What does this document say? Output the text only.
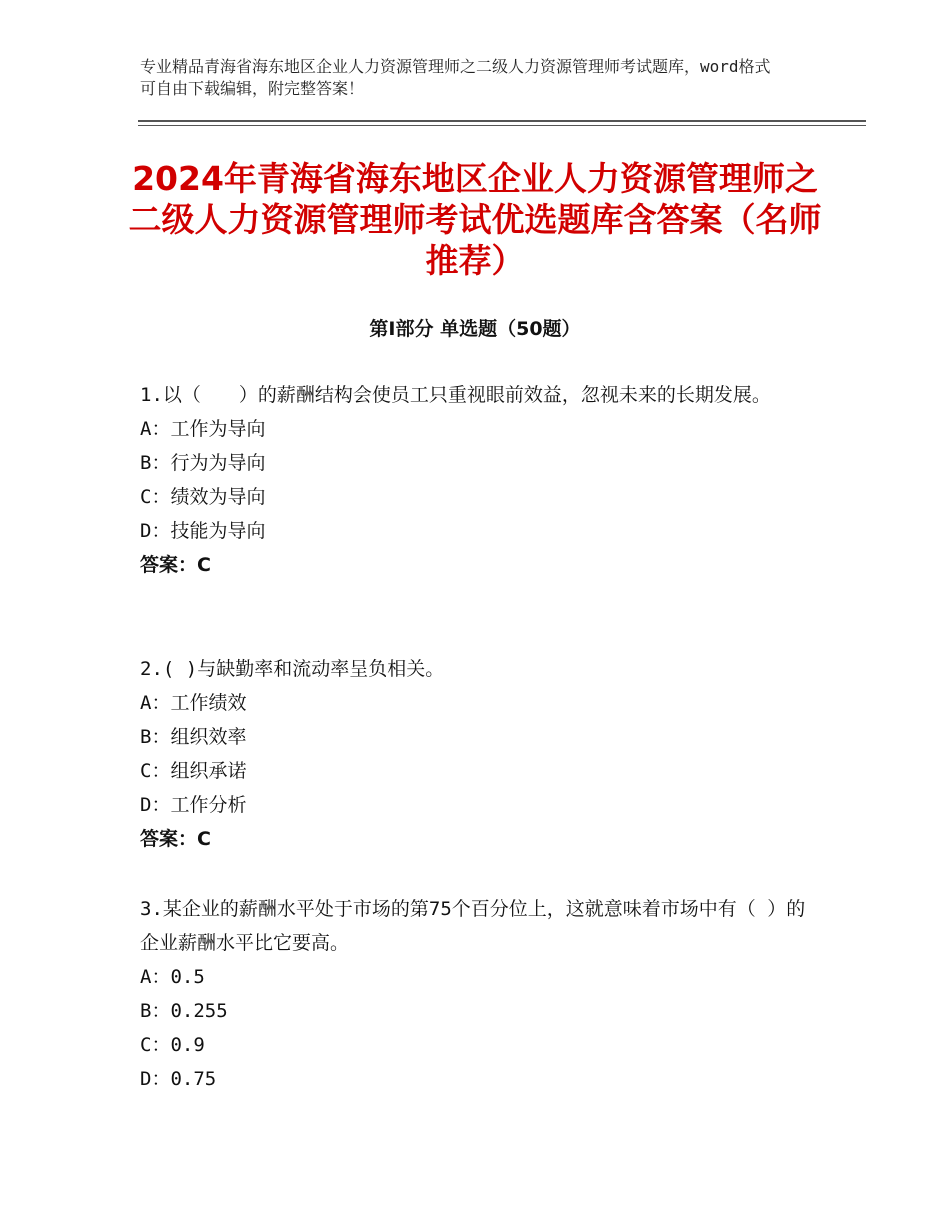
专业精品青海省海东地区企业人力资源管理师之二级人力资源管理师考试题库，word格式可自由下载编辑，附完整答案！
2024年青海省海东地区企业人力资源管理师之二级人力资源管理师考试优选题库含答案（名师推荐）
第Ⅰ部分 单选题（50题）
1.以（　　）的薪酬结构会使员工只重视眼前效益，忽视未来的长期发展。
A：工作为导向
B：行为为导向
C：绩效为导向
D：技能为导向
答案：C
2.( )与缺勤率和流动率呈负相关。
A：工作绩效
B：组织效率
C：组织承诺
D：工作分析
答案：C
3.某企业的薪酬水平处于市场的第75个百分位上，这就意味着市场中有（ ）的企业薪酬水平比它要高。
A：0.5
B：0.255
C：0.9
D：0.75
